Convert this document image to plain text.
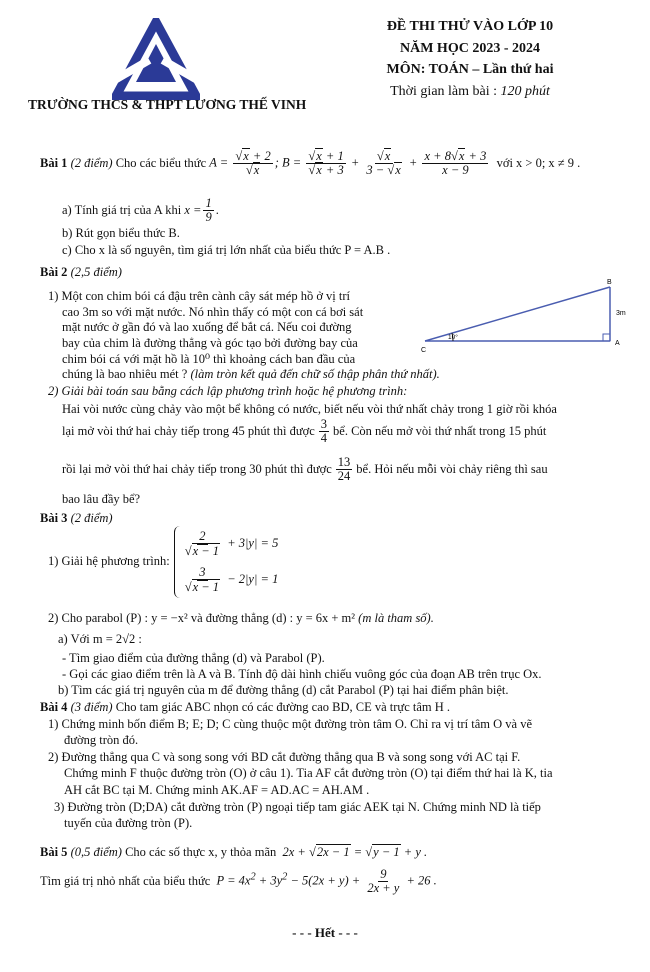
TRƯỜNG THCS & THPT LƯƠNG THẾ VINH
ĐỀ THI THỬ VÀO LỚP 10
NĂM HỌC 2023 - 2024
MÔN: TOÁN – Lần thứ hai
Thời gian làm bài : 120 phút
Bài 1
(2 điểm)
Cho các biểu thức
A = √ x + 2
√ x ; B = √ x + 1
√ x + 3 + √ $\frac{x}{3 - √ x} + \frac{x + 8 √ x + 3}{x - 9}$
với x > 0; x ≠ 9 .
a) Tính giá trị của A khi
$x = \frac{1}{9}$ .
b) Rút gọn biểu thức B.
c) Cho x là số nguyên, tìm giá trị lớn nhất của biểu thức P = A.B .
Bài 2 (2,5 điểm)
1) Một con chim bói cá đậu trên cành cây sát mép hồ ở vị trí
cao 3m so với mặt nước. Nó nhìn thấy có một con cá bơi sát
mặt nước ở gần đó và lao xuống để bắt cá. Nếu coi đường
bay của chim là đường thẳng và góc tạo bởi đường bay của
chim bói cá với mặt hồ là 10⁰ thì khoảng cách ban đầu của
chúng là bao nhiêu mét ? (làm tròn kết quả đến chữ số thập phân thứ nhất).
B
A
C
3m
10°
2) Giải bài toán sau bằng cách lập phương trình hoặc hệ phương trình:
Hai vòi nước cùng chảy vào một bể không có nước, biết nếu vòi thứ nhất chảy trong 1 giờ rồi khóa
lại mở vòi thứ hai chảy tiếp trong 45 phút thì được $\frac{3}{4}$ bể. Còn nếu mở vòi thứ nhất trong 15 phút
rồi lại mở vòi thứ hai chảy tiếp trong 30 phút thì được $\frac{13}{24}$ bể. Hỏi nếu mỗi vòi chảy riêng thì sau
bao lâu đầy bể?
Bài 3 (2 điểm)
1) Giải hệ phương trình:
2
√ x − 1 + 3|y| = 5
3
√ x − 1 − 2|y| = 1
2) Cho parabol (P) : y = −x² và đường thẳng (d) : y = 6x + m² (m là tham số).
a) Với m = 2√2 :
- Tìm giao điểm của đường thẳng (d) và Parabol (P).
- Gọi các giao điểm trên là A và B. Tính độ dài hình chiếu vuông góc của đoạn AB trên trục Ox.
b) Tìm các giá trị nguyên của m để đường thẳng (d) cắt Parabol (P) tại hai điểm phân biệt.
Bài 4 (3 điểm) Cho tam giác ABC nhọn có các đường cao BD, CE và trực tâm H .
1) Chứng minh bốn điểm B; E; D; C cùng thuộc một đường tròn tâm O. Chỉ ra vị trí tâm O và vẽ
đường tròn đó.
2) Đường thẳng qua C và song song với BD cắt đường thẳng qua B và song song với AC tại F.
Chứng minh F thuộc đường tròn (O) ở câu 1). Tia AF cắt đường tròn (O) tại điểm thứ hai là K, tia
AH cắt BC tại M. Chứng minh AK.AF = AD.AC = AH.AM .
3) Đường tròn (D;DA) cắt đường tròn (P) ngoại tiếp tam giác AEK tại N. Chứng minh ND là tiếp
tuyến của đường tròn (P).
Bài 5
(0,5 điểm)
Cho các số thực x, y thỏa mãn
2x + √ 2x − 1 = √ y − 1 + y .
Tìm giá trị nhỏ nhất của biểu thức
$P = 4x^2 + 3y^2 - 5(2x + y) + \frac{9}{2x + y} + 26$ .
- - - Hết - - -
